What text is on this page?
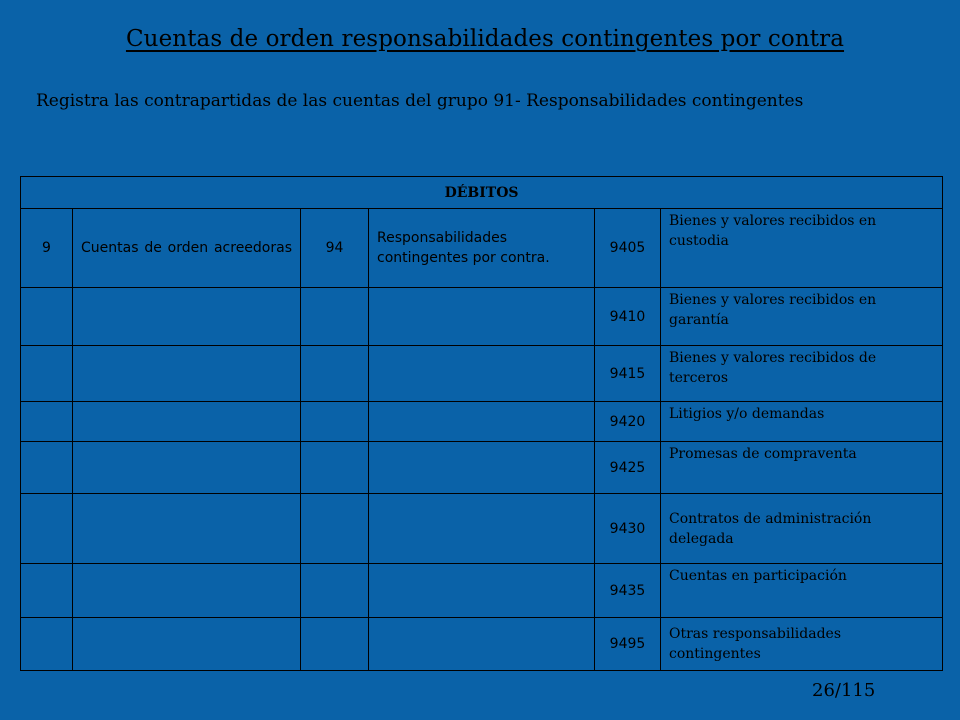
Cuentas de orden responsabilidades contingentes por contra
Registra las contrapartidas de las cuentas del grupo 91- Responsabilidades contingentes
DÉBITOS					
9	Cuentas de orden acreedoras	94	Responsabilidades contingentes por contra.	9405	Bienes y valores recibidos en custodia
				9410	Bienes y valores recibidos en garantía
				9415	Bienes y valores recibidos de terceros
				9420	Litigios y/o demandas
				9425	Promesas de compraventa
				9430	Contratos de administración delegada
				9435	Cuentas en participación
				9495	Otras responsabilidades contingentes
26/115
